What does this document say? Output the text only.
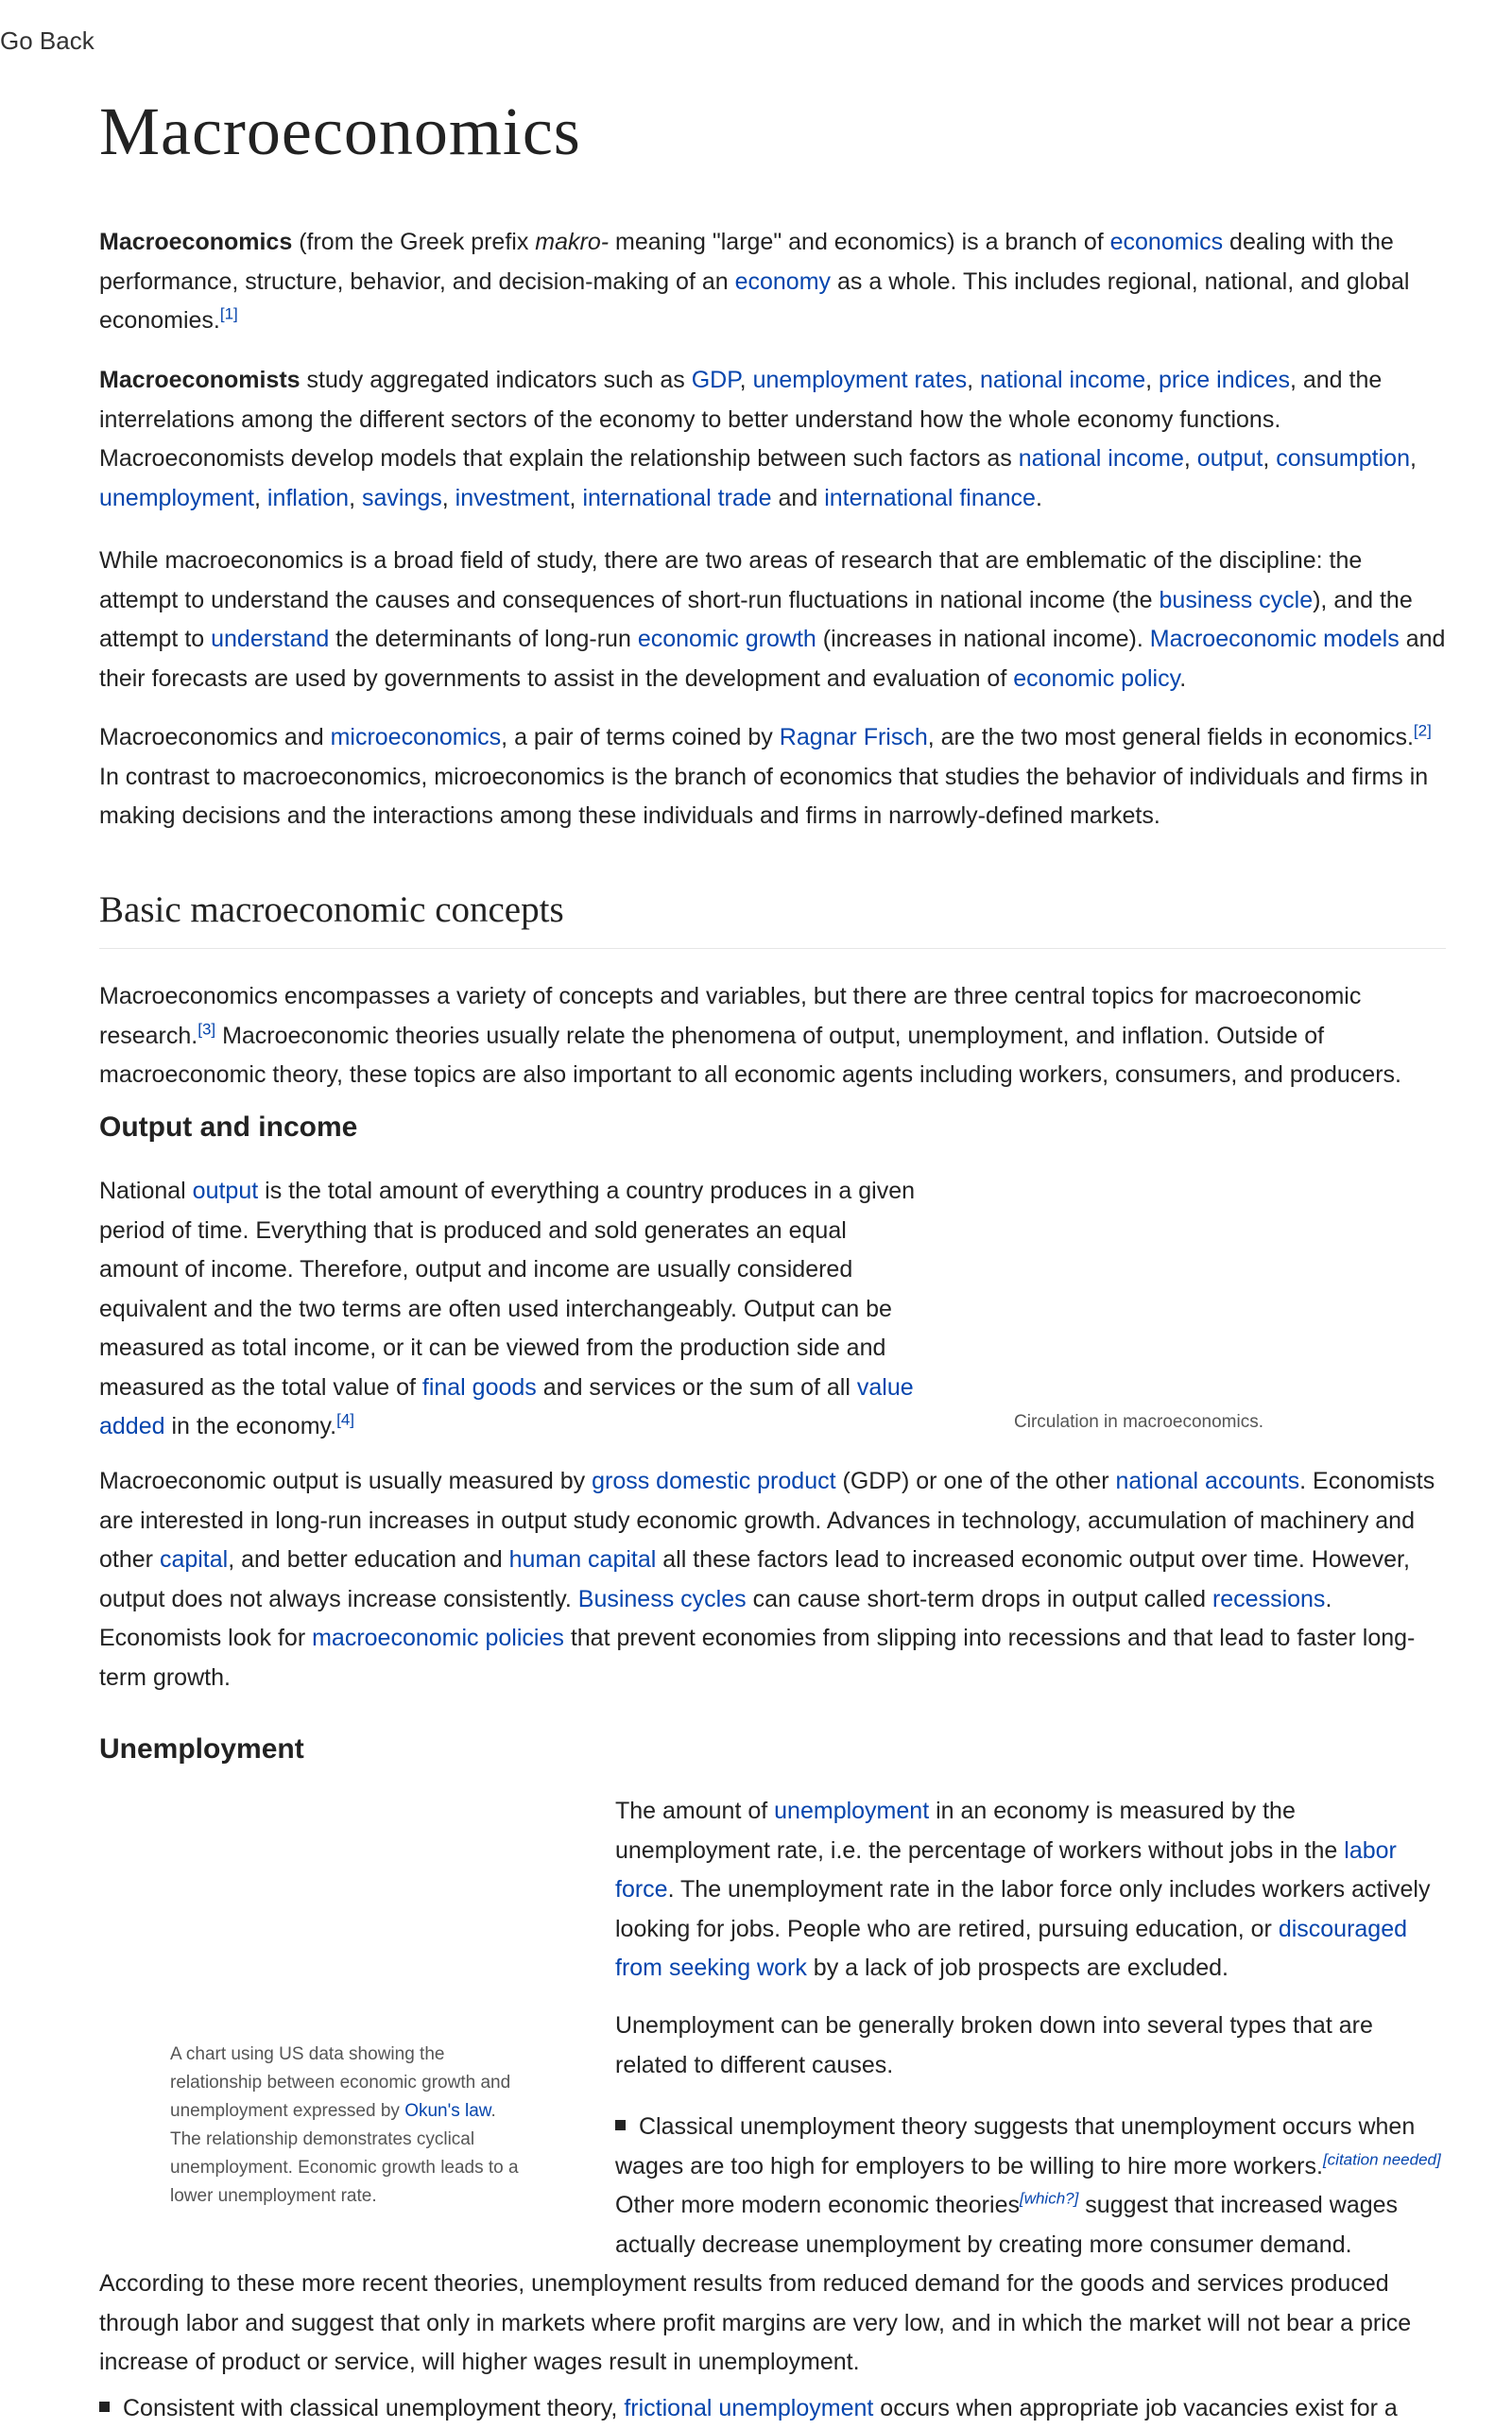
Go Back
Macroeconomics

Macroeconomics (from the Greek prefix makro- meaning "large" and economics) is a branch of economics dealing with the performance, structure, behavior, and decision-making of an economy as a whole. This includes regional, national, and global economies.[1]

Macroeconomists study aggregated indicators such as GDP, unemployment rates, national income, price indices, and the interrelations among the different sectors of the economy to better understand how the whole economy functions. Macroeconomists develop models that explain the relationship between such factors as national income, output, consumption, unemployment, inflation, savings, investment, international trade and international finance.

While macroeconomics is a broad field of study, there are two areas of research that are emblematic of the discipline: the attempt to understand the causes and consequences of short-run fluctuations in national income (the business cycle), and the attempt to understand the determinants of long-run economic growth (increases in national income). Macroeconomic models and their forecasts are used by governments to assist in the development and evaluation of economic policy.

Macroeconomics and microeconomics, a pair of terms coined by Ragnar Frisch, are the two most general fields in economics.[2] In contrast to macroeconomics, microeconomics is the branch of economics that studies the behavior of individuals and firms in making decisions and the interactions among these individuals and firms in narrowly-defined markets.

Basic macroeconomic concepts

Macroeconomics encompasses a variety of concepts and variables, but there are three central topics for macroeconomic research.[3] Macroeconomic theories usually relate the phenomena of output, unemployment, and inflation. Outside of macroeconomic theory, these topics are also important to all economic agents including workers, consumers, and producers.

Output and income

National output is the total amount of everything a country produces in a given period of time. Everything that is produced and sold generates an equal amount of income. Therefore, output and income are usually considered equivalent and the two terms are often used interchangeably. Output can be measured as total income, or it can be viewed from the production side and measured as the total value of final goods and services or the sum of all value added in the economy.[4]	Circulation in macroeconomics.

Macroeconomic output is usually measured by gross domestic product (GDP) or one of the other national accounts. Economists are interested in long-run increases in output study economic growth. Advances in technology, accumulation of machinery and other capital, and better education and human capital all these factors lead to increased economic output over time. However, output does not always increase consistently. Business cycles can cause short-term drops in output called recessions. Economists look for macroeconomic policies that prevent economies from slipping into recessions and that lead to faster long-term growth.

Unemployment

The amount of unemployment in an economy is measured by the unemployment rate, i.e. the percentage of workers without jobs in the labor force. The unemployment rate in the labor force only includes workers actively looking for jobs. People who are retired, pursuing education, or discouraged from seeking work by a lack of job prospects are excluded.

Unemployment can be generally broken down into several types that are related to different causes.

A chart using US data showing the relationship between economic growth and unemployment expressed by Okun's law. The relationship demonstrates cyclical unemployment. Economic growth leads to a lower unemployment rate.
Classical unemployment theory suggests that unemployment occurs when wages are too high for employers to be willing to hire more workers.[citation needed] Other more modern economic theories[which?] suggest that increased wages actually decrease unemployment by creating more consumer demand. According to these more recent theories, unemployment results from reduced demand for the goods and services produced through labor and suggest that only in markets where profit margins are very low, and in which the market will not bear a price increase of product or service, will higher wages result in unemployment.

Consistent with classical unemployment theory, frictional unemployment occurs when appropriate job vacancies exist for a
